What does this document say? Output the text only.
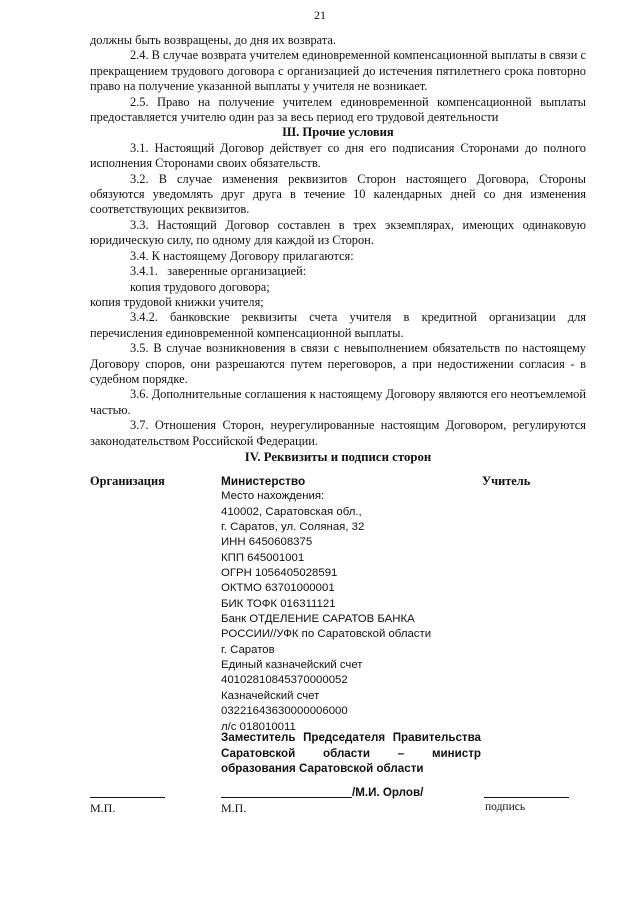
21

должны быть возвращены, до дня их возврата.

2.4. В случае возврата учителем единовременной компенсационной выплаты в связи с прекращением трудового договора с организацией до истечения пятилетнего срока повторно право на получение указанной выплаты у учителя не возникает.

2.5. Право на получение учителем единовременной компенсационной выплаты предоставляется учителю один раз за весь период его трудовой деятельности

Ш. Прочие условия

3.1. Настоящий Договор действует со дня его подписания Сторонами до полного исполнения Сторонами своих обязательств.

3.2. В случае изменения реквизитов Сторон настоящего Договора, Стороны обязуются уведомлять друг друга в течение 10 календарных дней со дня изменения соответствующих реквизитов.

3.3. Настоящий Договор составлен в трех экземплярах, имеющих одинаковую юридическую силу, по одному для каждой из Сторон.

3.4. К настоящему Договору прилагаются:

3.4.1.   заверенные организацией:

копия трудового договора;

копия трудовой книжки учителя;

3.4.2. банковские реквизиты счета учителя в кредитной организации для перечисления единовременной компенсационной выплаты.

3.5. В случае возникновения в связи с невыполнением обязательств по настоящему Договору споров, они разрешаются путем переговоров, а при недостижении согласия - в судебном порядке.

3.6. Дополнительные соглашения к настоящему Договору являются его неотъемлемой частью.

3.7. Отношения Сторон, неурегулированные настоящим Договором, регулируются законодательством Российской Федерации.

IV. Реквизиты и подписи сторон

Организация	Министерство	Учитель
Место нахождения:
410002, Саратовская обл.,
г. Саратов, ул. Соляная, 32
ИНН 6450608375
КПП 645001001
ОГРН 1056405028591
ОКТМО 63701000001
БИК ТОФК 016311121
Банк ОТДЕЛЕНИЕ САРАТОВ БАНКА
РОССИИ//УФК по Саратовской области
г. Саратов
Единый казначейский счет
40102810845370000052
Казначейский счет
03221643630000006000
л/с 018010011
Заместитель Председателя Правительства Саратовской области – министр образования Саратовской области
/М.И. Орлов/
М.П.	М.П.	подпись
